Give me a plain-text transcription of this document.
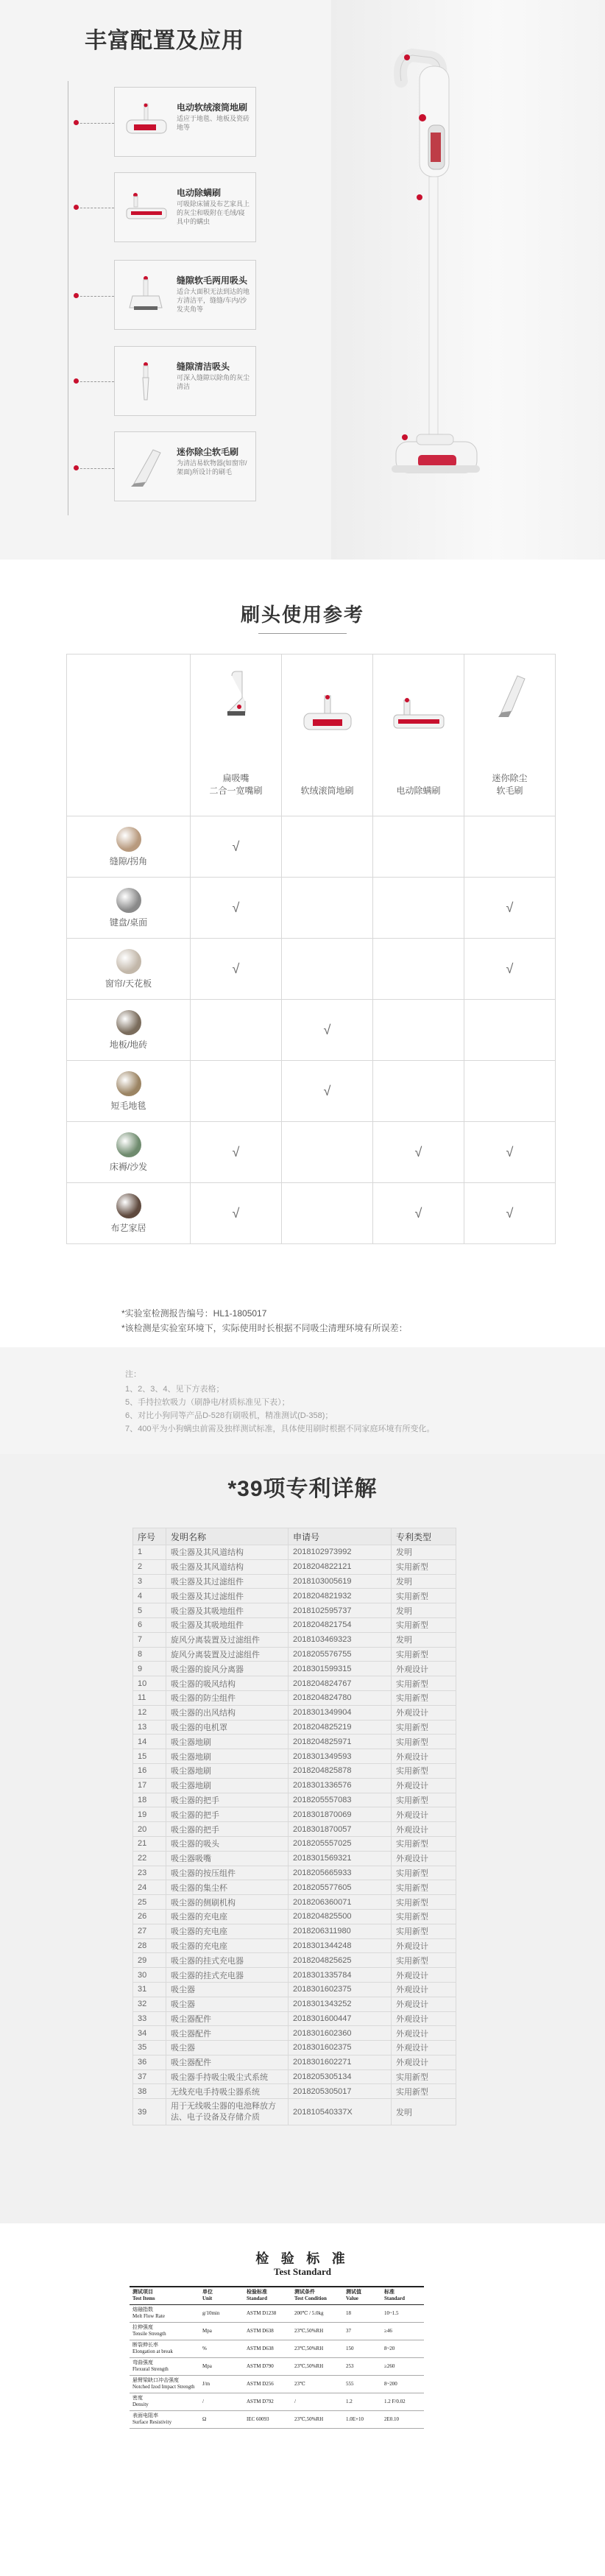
丰富配置及应用
电动软绒滚筒地刷
适应于地毯、地板及瓷砖地等
电动除螨刷
可吸除床铺及布艺家具上的灰尘和吸附在毛绒/寝具中的螨虫
缝隙软毛两用吸头
适合大面积无法到达的地方清洁平，缝缝/车内/沙发夹角等
缝隙清洁吸头
可深入缝隙以除角的灰尘清洁
迷你除尘软毛刷
为清洁易软物器(如窗帘/架面)所设计的刷毛
刷头使用参考

扁吸嘴
二合一宽嘴刷	软绒滚筒地刷	电动除螨刷	迷你除尘
软毛刷

缝隙/拐角	√			

键盘/桌面	√			√

窗帘/天花板	√			√

地板/地砖		√		

短毛地毯		√		

床褥/沙发	√		√	√

布艺家居	√		√	√
*实验室检测报告编号：HL1-1805017
*该检测是实验室环境下，实际使用时长根据不同吸尘清理环境有所误差：

注：

1、2、3、4、见下方表格；

5、手持拉软吸力（刷静电/材质标准见下表）；

6、对比小狗同等产品D-528有刷吸机，精准测试(D-358)；

7、400平为小狗螨虫前需及独样测试标准，具体使用刷时根据不同家庭环境有所变化。

*39项专利详解
序号	发明名称	申请号	专利类型
1	吸尘器及其风道结构	2018102973992	发明
2	吸尘器及其风道结构	2018204822121	实用新型
3	吸尘器及其过滤组件	2018103005619	发明
4	吸尘器及其过滤组件	2018204821932	实用新型
5	吸尘器及其吸地组件	2018102595737	发明
6	吸尘器及其吸地组件	2018204821754	实用新型
7	旋风分离装置及过滤组件	2018103469323	发明
8	旋风分离装置及过滤组件	2018205576755	实用新型
9	吸尘器的旋风分离器	2018301599315	外观设计
10	吸尘器的吸风结构	2018204824767	实用新型
11	吸尘器的防尘组件	2018204824780	实用新型
12	吸尘器的出风结构	2018301349904	外观设计
13	吸尘器的电机罩	2018204825219	实用新型
14	吸尘器地刷	2018204825971	实用新型
15	吸尘器地刷	2018301349593	外观设计
16	吸尘器地刷	2018204825878	实用新型
17	吸尘器地刷	2018301336576	外观设计
18	吸尘器的把手	2018205557083	实用新型
19	吸尘器的把手	2018301870069	外观设计
20	吸尘器的把手	2018301870057	外观设计
21	吸尘器的吸头	2018205557025	实用新型
22	吸尘器吸嘴	2018301569321	外观设计
23	吸尘器的按压组件	2018205665933	实用新型
24	吸尘器的集尘杯	2018205577605	实用新型
25	吸尘器的侧刷机构	2018206360071	实用新型
26	吸尘器的充电座	2018204825500	实用新型
27	吸尘器的充电座	2018206311980	实用新型
28	吸尘器的充电座	2018301344248	外观设计
29	吸尘器的挂式充电器	2018204825625	实用新型
30	吸尘器的挂式充电器	2018301335784	外观设计
31	吸尘器	2018301602375	外观设计
32	吸尘器	2018301343252	外观设计
33	吸尘器配件	2018301600447	外观设计
34	吸尘器配件	2018301602360	外观设计
35	吸尘器	2018301602375	外观设计
36	吸尘器配件	2018301602271	外观设计
37	吸尘器手持吸尘吸尘式系统	2018205305134	实用新型
38	无线充电手持吸尘器系统	2018205305017	实用新型
39	用于无线吸尘器的电池释放方法、电子设备及存储介质	201810540337X	发明
检 验 标 准
Test Standard
测试项目
Test Items	单位
Unit	检验标准
Standard	测试条件
Test Condition	测试值
Value	标准
Standard
熔融指数
Melt Flow Rate	g/10min	ASTM D1238	200℃ / 5.0kg	18	10~1.5
拉伸强度
Tensile Strength	Mpa	ASTM D638	23℃,50%RH	37	≥46
断裂伸长率
Elongation at break	%	ASTM D638	23℃,50%RH	150	8~20
弯曲强度
Flexural Strength	Mpa	ASTM D790	23℃,50%RH	253	≥260
悬臂梁缺口冲击强度
Notched Izod Impact Strength	J/m	ASTM D256	23℃	555	8~200
密度
Density	/	ASTM D792	/	1.2	1.2 F/0.02
表面电阻率
Surface Resistivity	Ω	IEC 60093	23℃,50%RH	1.0E+10	2E0.10
